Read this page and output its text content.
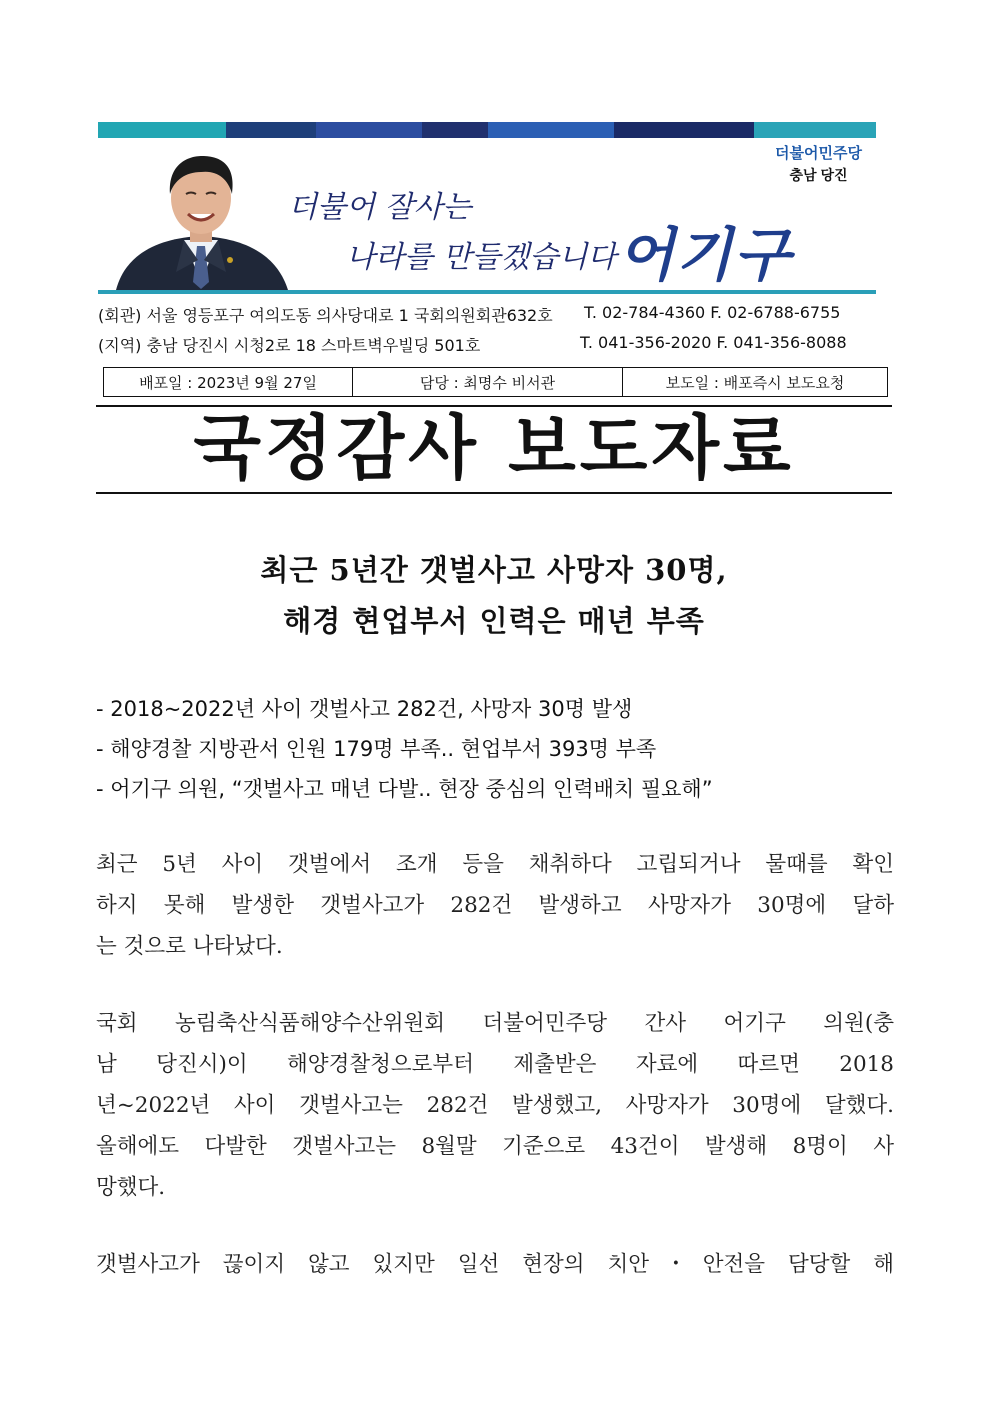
더불어 잘사는
나라를 만들겠습니다 어기구
더불어민주당
충남 당진
(회관) 서울 영등포구 여의도동 의사당대로 1 국회의원회관632호 T. 02-784-4360 F. 02-6788-6755
(지역) 충남 당진시 시청2로 18 스마트벽우빌딩 501호	T. 041-356-2020 F. 041-356-8088
배포일 : 2023년 9월 27일	담당 : 최명수 비서관	보도일 : 배포즉시 보도요청
국정감사 보도자료
최근 5년간 갯벌사고 사망자 30명,
해경 현업부서 인력은 매년 부족
- 2018~2022년 사이 갯벌사고 282건, 사망자 30명 발생
- 해양경찰 지방관서 인원 179명 부족.. 현업부서 393명 부족
- 어기구 의원, “갯벌사고 매년 다발.. 현장 중심의 인력배치 필요해”
최근 5년 사이 갯벌에서 조개 등을 채취하다 고립되거나 물때를 확인
하지 못해 발생한 갯벌사고가 282건 발생하고 사망자가 30명에 달하
는 것으로 나타났다.
국회 농림축산식품해양수산위원회 더불어민주당 간사 어기구 의원(충
남 당진시)이 해양경찰청으로부터 제출받은 자료에 따르면 2018
년~2022년 사이 갯벌사고는 282건 발생했고, 사망자가 30명에 달했다.
올해에도 다발한 갯벌사고는 8월말 기준으로 43건이 발생해 8명이 사
망했다.
갯벌사고가 끊이지 않고 있지만 일선 현장의 치안・안전을 담당할 해
